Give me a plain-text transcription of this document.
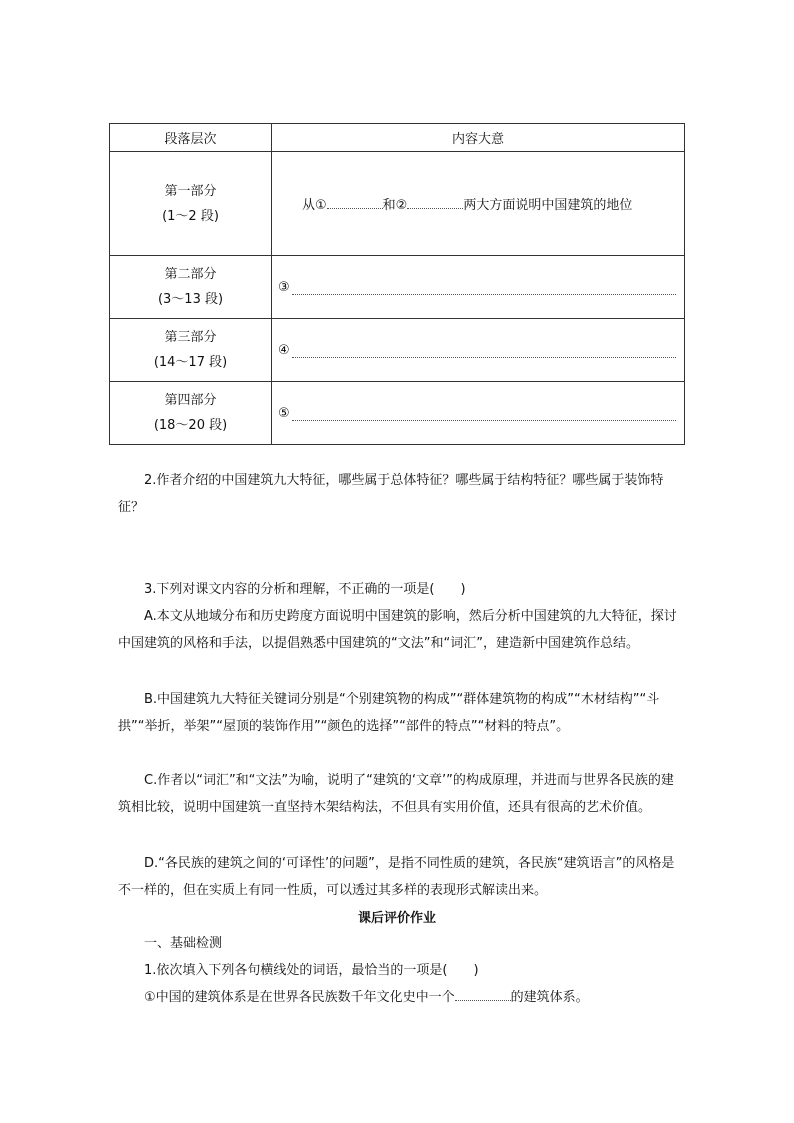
段落层次	内容大意

第一部分
(1～2 段)	从① 和② 两大方面说明中国建筑的地位

第二部分
(3～13 段)	③

第三部分
(14～17 段)	④

第四部分
(18～20 段)	⑤

2.作者介绍的中国建筑九大特征，哪些属于总体特征？哪些属于结构特征？哪些属于装饰特征？

3.下列对课文内容的分析和理解，不正确的一项是(　　)

A.本文从地域分布和历史跨度方面说明中国建筑的影响，然后分析中国建筑的九大特征，探讨中国建筑的风格和手法，以提倡熟悉中国建筑的“文法”和“词汇”，建造新中国建筑作总结。

B.中国建筑九大特征关键词分别是“个别建筑物的构成”“群体建筑物的构成”“木材结构”“斗拱”“举折，举架”“屋顶的装饰作用”“颜色的选择”“部件的特点”“材料的特点”。

C.作者以“词汇”和“文法”为喻，说明了“建筑的‘文章’”的构成原理，并进而与世界各民族的建筑相比较，说明中国建筑一直坚持木架结构法，不但具有实用价值，还具有很高的艺术价值。

D.“各民族的建筑之间的‘可译性’的问题”，是指不同性质的建筑，各民族“建筑语言”的风格是不一样的，但在实质上有同一性质，可以透过其多样的表现形式解读出来。

课后评价作业

一、基础检测

1.依次填入下列各句横线处的词语，最恰当的一项是(　　)

①中国的建筑体系是在世界各民族数千年文化史中一个	的建筑体系。
